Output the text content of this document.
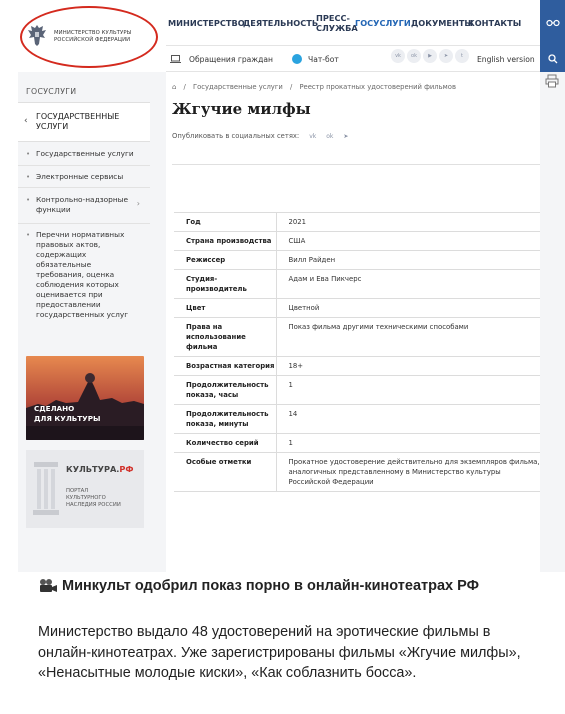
МИНИСТЕРСТВО КУЛЬТУРЫ
РОССИЙСКОЙ ФЕДЕРАЦИИ
МИНИСТЕРСТВО
ДЕЯТЕЛЬНОСТЬ
ПРЕСС-
СЛУЖБА
ГОСУСЛУГИ ДОКУМЕНТЫ
КОНТАКТЫ
Обращения граждан	Чат-бот	English version
vk	ok	▶	➤	t
ГОСУСЛУГИ
‹ ГОСУДАРСТВЕННЫЕ УСЛУГИ
• Государственные услуги
• Электронные сервисы
• Контрольно-надзорные функции
›
• Перечни нормативных правовых актов, содержащих обязательные требования, оценка соблюдения которых оценивается при предоставлении государственных услуг
СДЕЛАНО
ДЛЯ КУЛЬТУРЫ
КУЛЬТУРА.РФ
ПОРТАЛ
КУЛЬТУРНОГО
НАСЛЕДИЯ РОССИИ
⌂ / Государственные услуги / Реестр прокатных удостоверений фильмов
Жгучие милфы
Опубликовать в социальных сетях: vk ok ➤
Год	2021
Страна производства	США
Режиссер	Вилл Райден
Студия-производитель	Адам и Ева Пикчерс
Цвет	Цветной
Права на использование фильма	Показ фильма другими техническими способами
Возрастная категория	18+
Продолжительность показа, часы	1
Продолжительность показа, минуты	14
Количество серий	1
Особые отметки	Прокатное удостоверение действительно для экземпляров фильма, аналогичных представленному в Министерство культуры Российской Федерации
Минкульт одобрил показ порно в онлайн-кинотеатрах РФ
Министерство выдало 48 удостоверений на эротические фильмы в онлайн-кинотеатрах. Уже зарегистрированы фильмы «Жгучие милфы», «Ненасытные молодые киски», «Как соблазнить босса».
